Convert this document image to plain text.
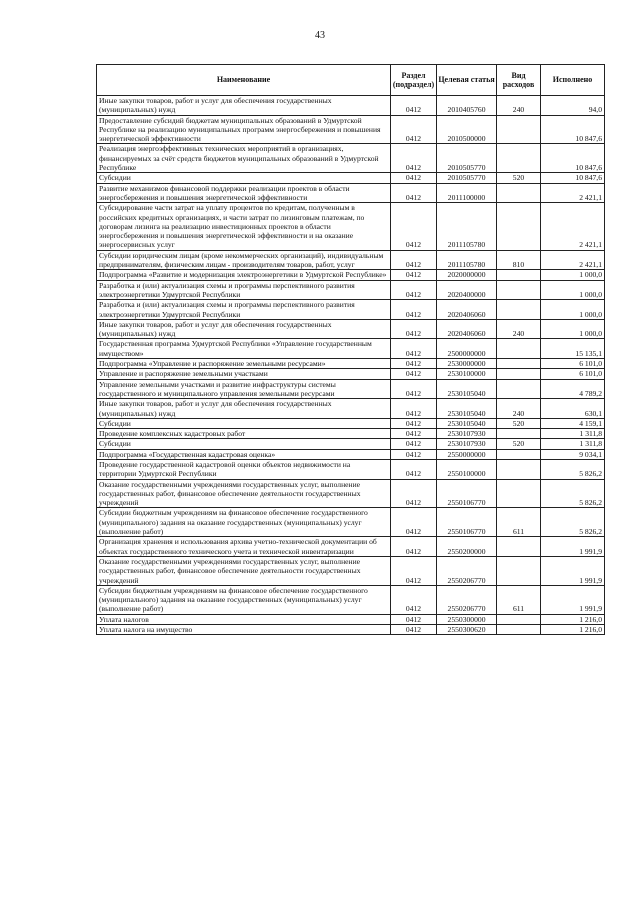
43
Наименование	Раздел (подраздел)	Целевая статья	Вид расходов	Исполнено
Иные закупки товаров, работ и услуг для обеспечения государственных (муниципальных) нужд	0412	2010405760	240	94,0
Предоставление субсидий бюджетам муниципальных образований в Удмуртской Республике на реализацию муниципальных программ энергосбережения и повышения энергетической эффективности	0412	2010500000		10 847,6
Реализация энергоэффективных технических мероприятий в организациях, финансируемых за счёт средств бюджетов муниципальных образований в Удмуртской Республике	0412	2010505770		10 847,6
Субсидии	0412	2010505770	520	10 847,6
Развитие механизмов финансовой поддержки реализации проектов в области энергосбережения и повышения энергетической эффективности	0412	2011100000		2 421,1
Субсидирование части затрат на уплату процентов по кредитам, полученным в российских кредитных организациях, и части затрат по лизинговым платежам, по договорам лизинга на реализацию инвестиционных проектов в области энергосбережения и повышения энергетической эффективности и на оказание энергосервисных услуг	0412	2011105780		2 421,1
Субсидии юридическим лицам (кроме некоммерческих организаций), индивидуальным предпринимателям, физическим лицам - производителям товаров, работ, услуг	0412	2011105780	810	2 421,1
Подпрограмма «Развитие и модернизация электроэнергетики в Удмуртской Республике»	0412	2020000000		1 000,0
Разработка и (или) актуализация схемы и программы перспективного развития электроэнергетики Удмуртской Республики	0412	2020400000		1 000,0
Разработка и (или) актуализация схемы и программы перспективного развития электроэнергетики Удмуртской Республики	0412	2020406060		1 000,0
Иные закупки товаров, работ и услуг для обеспечения государственных (муниципальных) нужд	0412	2020406060	240	1 000,0
Государственная программа Удмуртской Республики «Управление государственным имуществом»	0412	2500000000		15 135,1
Подпрограмма «Управление и распоряжение земельными ресурсами»	0412	2530000000		6 101,0
Управление и распоряжение земельными участками	0412	2530100000		6 101,0
Управление земельными участками и развитие инфраструктуры системы государственного и муниципального управления земельными ресурсами	0412	2530105040		4 789,2
Иные закупки товаров, работ и услуг для обеспечения государственных (муниципальных) нужд	0412	2530105040	240	630,1
Субсидии	0412	2530105040	520	4 159,1
Проведение комплексных кадастровых работ	0412	2530107930		1 311,8
Субсидии	0412	2530107930	520	1 311,8
Подпрограмма «Государственная кадастровая оценка»	0412	2550000000		9 034,1
Проведение государственной кадастровой оценки объектов недвижимости на территории Удмуртской Республики	0412	2550100000		5 826,2
Оказание государственными учреждениями государственных услуг, выполнение государственных работ, финансовое обеспечение деятельности государственных учреждений	0412	2550106770		5 826,2
Субсидии бюджетным учреждениям на финансовое обеспечение государственного (муниципального) задания на оказание государственных (муниципальных) услуг (выполнение работ)	0412	2550106770	611	5 826,2
Организация хранения и использования архива учетно-технической документации об объектах государственного технического учета и технической инвентаризации	0412	2550200000		1 991,9
Оказание государственными учреждениями государственных услуг, выполнение государственных работ, финансовое обеспечение деятельности государственных учреждений	0412	2550206770		1 991,9
Субсидии бюджетным учреждениям на финансовое обеспечение государственного (муниципального) задания на оказание государственных (муниципальных) услуг (выполнение работ)	0412	2550206770	611	1 991,9
Уплата налогов	0412	2550300000		1 216,0
Уплата налога на имущество	0412	2550300620		1 216,0
